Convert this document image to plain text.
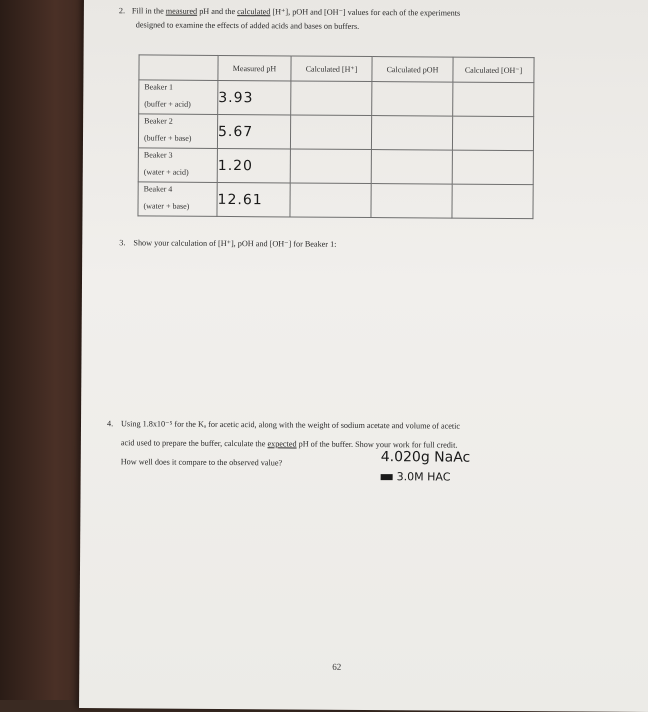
2. Fill in the measured pH and the calculated [H⁺], pOH and [OH⁻] values for each of the experiments
designed to examine the effects of added acids and bases on buffers.
	Measured pH	Calculated [H⁺]	Calculated pOH	Calculated [OH⁻]

Beaker 1
(buffer + acid)	3.93			

Beaker 2
(buffer + base)	5.67			

Beaker 3
(water + acid)	1.20			

Beaker 4
(water + base)	12.61			
3. Show your calculation of [H⁺], pOH and [OH⁻] for Beaker 1:
4. Using 1.8x10⁻⁵ for the Kₐ for acetic acid, along with the weight of sodium acetate and volume of acetic
acid used to prepare the buffer, calculate the expected pH of the buffer. Show your work for full credit.
How well does it compare to the observed value?	4.020g NaAc
3.0M HAC
62
